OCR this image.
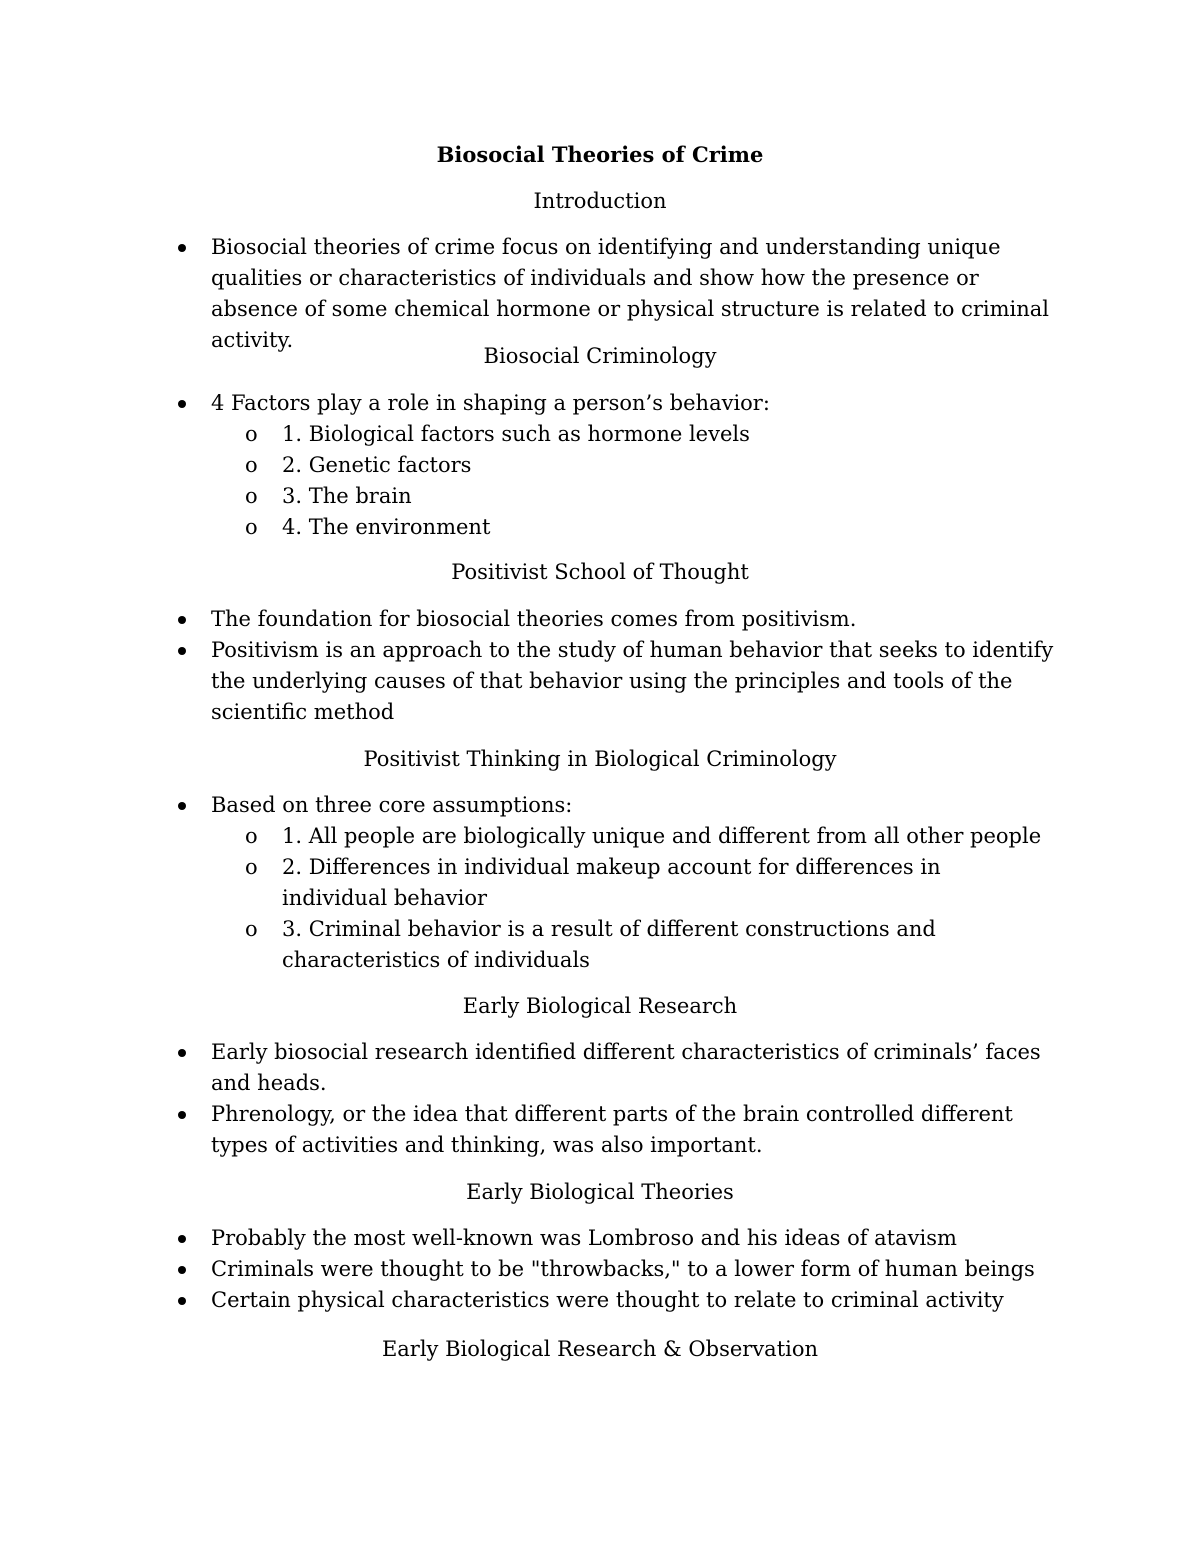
Biosocial Theories of Crime
Introduction
Biosocial theories of crime focus on identifying and understanding unique qualities or characteristics of individuals and show how the presence or absence of some chemical hormone or physical structure is related to criminal activity.
Biosocial Criminology
4 Factors play a role in shaping a person’s behavior:
o 1. Biological factors such as hormone levels
o 2. Genetic factors
o 3. The brain
o 4. The environment
Positivist School of Thought
The foundation for biosocial theories comes from positivism.
Positivism is an approach to the study of human behavior that seeks to identify the underlying causes of that behavior using the principles and tools of the scientific method
Positivist Thinking in Biological Criminology
Based on three core assumptions:
o 1. All people are biologically unique and different from all other people
o 2. Differences in individual makeup account for differences in individual behavior
o 3. Criminal behavior is a result of different constructions and characteristics of individuals
Early Biological Research
Early biosocial research identified different characteristics of criminals’ faces and heads.
Phrenology, or the idea that different parts of the brain controlled different types of activities and thinking, was also important.
Early Biological Theories
Probably the most well-known was Lombroso and his ideas of atavism
Criminals were thought to be "throwbacks," to a lower form of human beings
Certain physical characteristics were thought to relate to criminal activity
Early Biological Research & Observation
